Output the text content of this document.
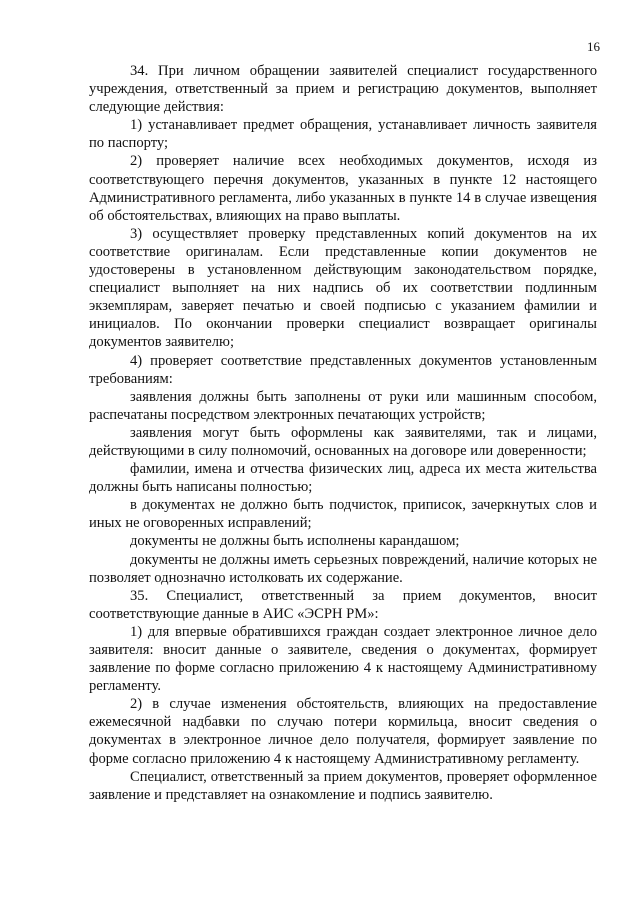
16

34. При личном обращении заявителей специалист государственного учреждения, ответственный за прием и регистрацию документов, выполняет следующие действия:

1) устанавливает предмет обращения, устанавливает личность заявителя по паспорту;

2) проверяет наличие всех необходимых документов, исходя из соответствующего перечня документов, указанных в пункте 12 настоящего Административного регламента, либо указанных в пункте 14 в случае извещения об обстоятельствах, влияющих на право выплаты.

3) осуществляет проверку представленных копий документов на их соответствие оригиналам. Если представленные копии документов не удостоверены в установленном действующим законодательством порядке, специалист выполняет на них надпись об их соответствии подлинным экземплярам, заверяет печатью и своей подписью с указанием фамилии и инициалов. По окончании проверки специалист возвращает оригиналы документов заявителю;

4) проверяет соответствие представленных документов установленным требованиям:

заявления должны быть заполнены от руки или машинным способом, распечатаны посредством электронных печатающих устройств;

заявления могут быть оформлены как заявителями, так и лицами, действующими в силу полномочий, основанных на договоре или доверенности;

фамилии, имена и отчества физических лиц, адреса их места жительства должны быть написаны полностью;

в документах не должно быть подчисток, приписок, зачеркнутых слов и иных не оговоренных исправлений;

документы не должны быть исполнены карандашом;

документы не должны иметь серьезных повреждений, наличие которых не позволяет однозначно истолковать их содержание.

35. Специалист, ответственный за прием документов, вносит соответствующие данные в АИС «ЭСРН РМ»:

1) для впервые обратившихся граждан создает электронное личное дело заявителя: вносит данные о заявителе, сведения о документах, формирует заявление по форме согласно приложению 4 к настоящему Административному регламенту.

2) в случае изменения обстоятельств, влияющих на предоставление ежемесячной надбавки по случаю потери кормильца, вносит сведения о документах в электронное личное дело получателя, формирует заявление по форме согласно приложению 4 к настоящему Административному регламенту.

Специалист, ответственный за прием документов, проверяет оформленное заявление и представляет на ознакомление и подпись заявителю.
